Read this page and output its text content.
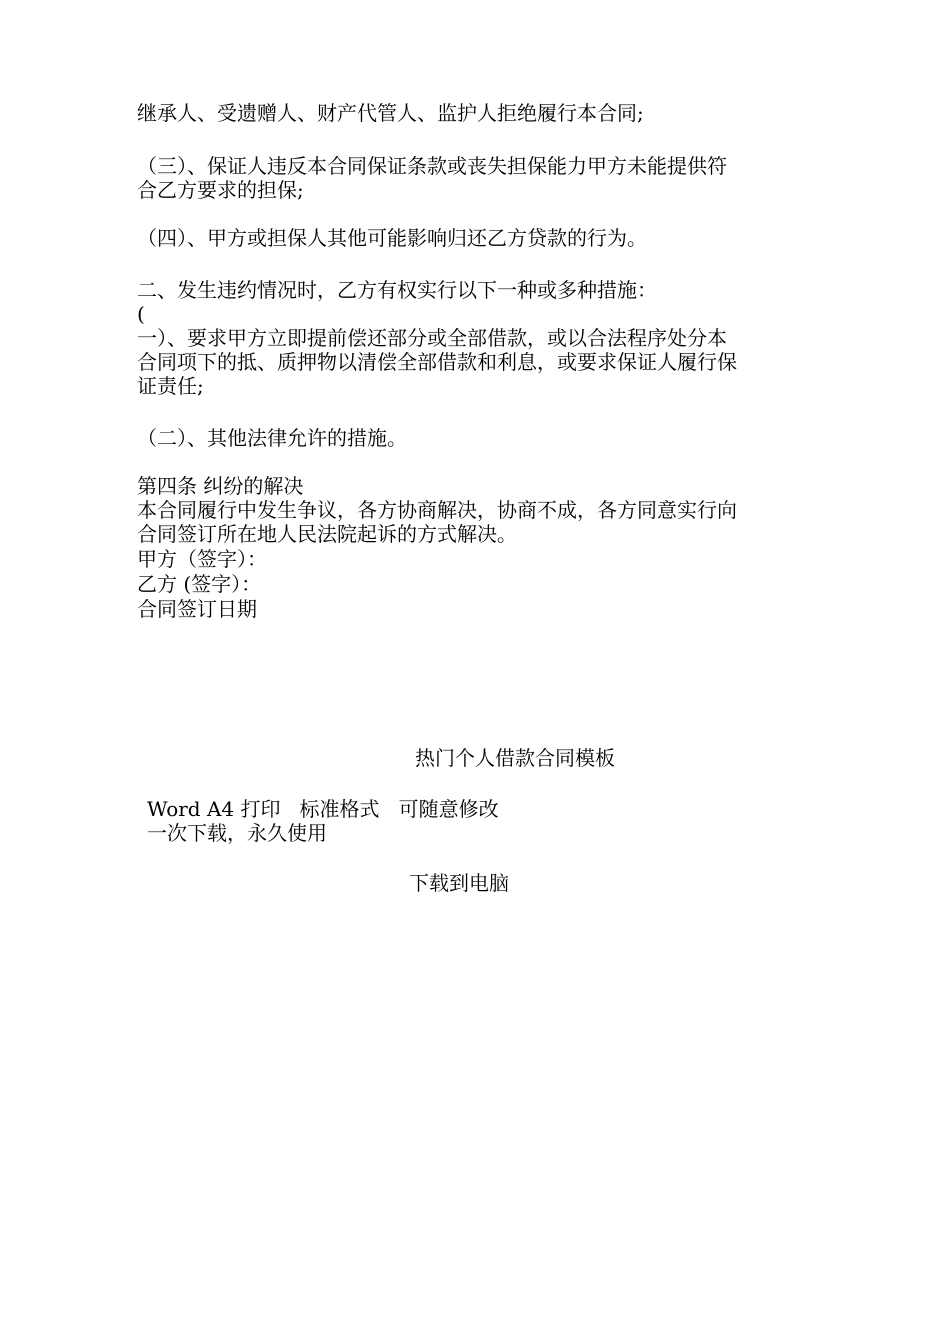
继承人、受遗赠人、财产代管人、监护人拒绝履行本合同;
（三）、保证人违反本合同保证条款或丧失担保能力甲方未能提供符
合乙方要求的担保;
（四）、甲方或担保人其他可能影响归还乙方贷款的行为。
二、发生违约情况时，乙方有权实行以下一种或多种措施：
(
一）、要求甲方立即提前偿还部分或全部借款，或以合法程序处分本
合同项下的抵、质押物以清偿全部借款和利息，或要求保证人履行保
证责任;
（二）、其他法律允许的措施。
第四条 纠纷的解决
本合同履行中发生争议，各方协商解决，协商不成，各方同意实行向
合同签订所在地人民法院起诉的方式解决。
甲方（签字）：
乙方 (签字）：
合同签订日期
热门个人借款合同模板
Word A4 打印   标准格式   可随意修改
一次下载，永久使用
下载到电脑
